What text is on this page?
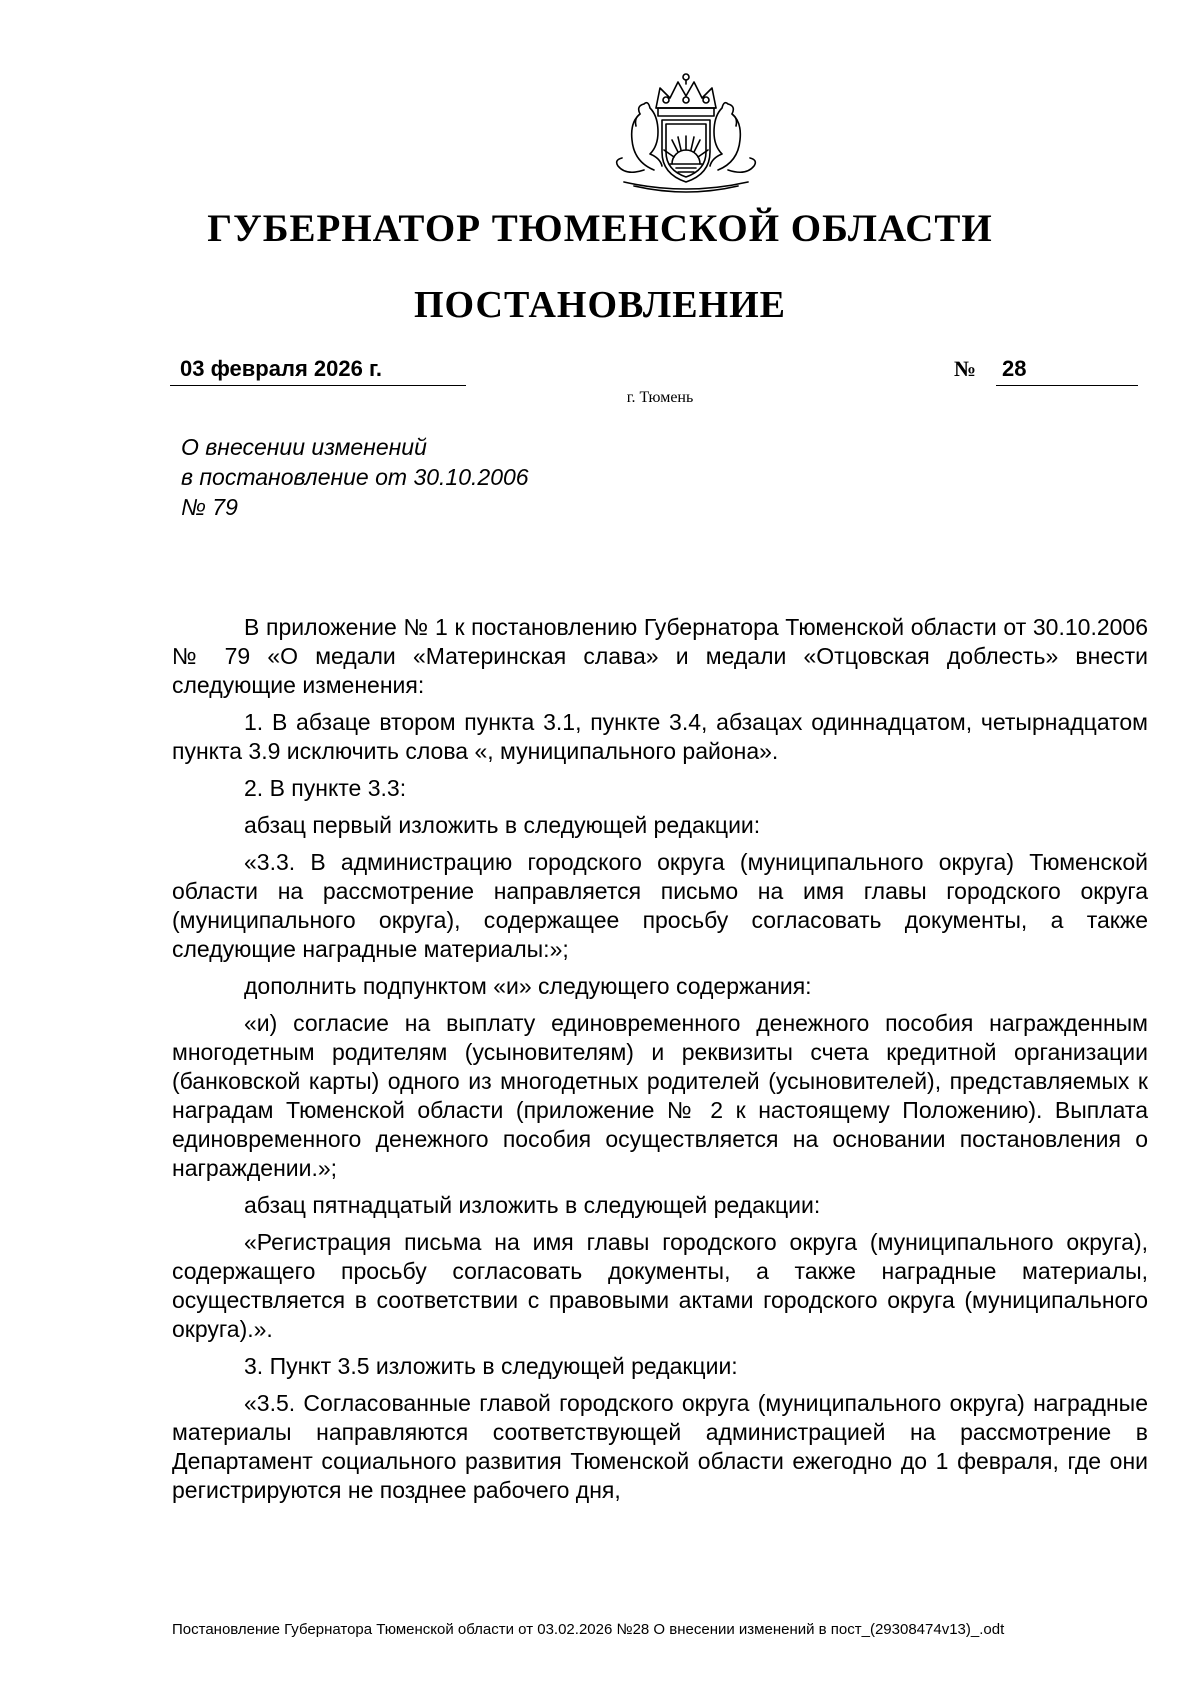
ГУБЕРНАТОР ТЮМЕНСКОЙ ОБЛАСТИ
ПОСТАНОВЛЕНИЕ
03 февраля 2026 г.	№ 28
г. Тюмень
О внесении изменений
в постановление от 30.10.2006
№ 79

В приложение № 1 к постановлению Губернатора Тюменской области от 30.10.2006 № 79 «О медали «Материнская слава» и медали «Отцовская доблесть» внести следующие изменения:

1. В абзаце втором пункта 3.1, пункте 3.4, абзацах одиннадцатом, четырнадцатом пункта 3.9 исключить слова «, муниципального района».

2. В пункте 3.3:

абзац первый изложить в следующей редакции:

«3.3. В администрацию городского округа (муниципального округа) Тюменской области на рассмотрение направляется письмо на имя главы городского округа (муниципального округа), содержащее просьбу согласовать документы, а также следующие наградные материалы:»;

дополнить подпунктом «и» следующего содержания:

«и) согласие на выплату единовременного денежного пособия награжденным многодетным родителям (усыновителям) и реквизиты счета кредитной организации (банковской карты) одного из многодетных родителей (усыновителей), представляемых к наградам Тюменской области (приложение № 2 к настоящему Положению). Выплата единовременного денежного пособия осуществляется на основании постановления о награждении.»;

абзац пятнадцатый изложить в следующей редакции:

«Регистрация письма на имя главы городского округа (муниципального округа), содержащего просьбу согласовать документы, а также наградные материалы, осуществляется в соответствии с правовыми актами городского округа (муниципального округа).».

3. Пункт 3.5 изложить в следующей редакции:

«3.5. Согласованные главой городского округа (муниципального округа) наградные материалы направляются соответствующей администрацией на рассмотрение в Департамент социального развития Тюменской области ежегодно до 1 февраля, где они регистрируются не позднее рабочего дня,

Постановление Губернатора Тюменской области от 03.02.2026 №28 О внесении изменений в пост_(29308474v13)_.odt
